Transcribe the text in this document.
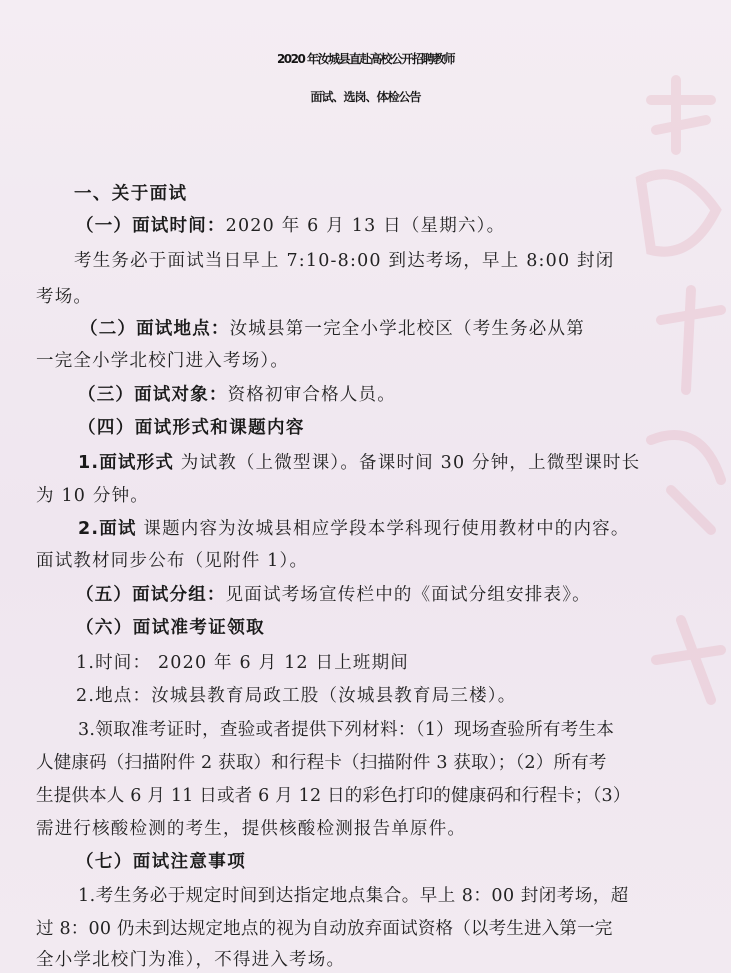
2020 年汝城县直赴高校公开招聘教师
面试、选岗、体检公告
一、关于面试
（一）面试时间：2020 年 6 月 13 日（星期六）。
考生务必于面试当日早上 7:10-8:00 到达考场，早上 8:00 封闭
考场。
（二）面试地点：汝城县第一完全小学北校区（考生务必从第
一完全小学北校门进入考场）。
（三）面试对象：资格初审合格人员。
（四）面试形式和课题内容
1.面试形式 为试教（上微型课）。备课时间 30 分钟，上微型课时长
为 10 分钟。
2.面试 课题内容为汝城县相应学段本学科现行使用教材中的内容。
面试教材同步公布（见附件 1）。
（五）面试分组：见面试考场宣传栏中的《面试分组安排表》。
（六）面试准考证领取
1.时间： 2020 年 6 月 12 日上班期间
2.地点：汝城县教育局政工股（汝城县教育局三楼）。
3.领取准考证时，查验或者提供下列材料：（1）现场查验所有考生本
人健康码（扫描附件 2 获取）和行程卡（扫描附件 3 获取）；（2）所有考
生提供本人 6 月 11 日或者 6 月 12 日的彩色打印的健康码和行程卡；（3）
需进行核酸检测的考生，提供核酸检测报告单原件。
（七）面试注意事项
1.考生务必于规定时间到达指定地点集合。早上 8：00 封闭考场，超
过 8：00 仍未到达规定地点的视为自动放弃面试资格（以考生进入第一完
全小学北校门为准），不得进入考场。
